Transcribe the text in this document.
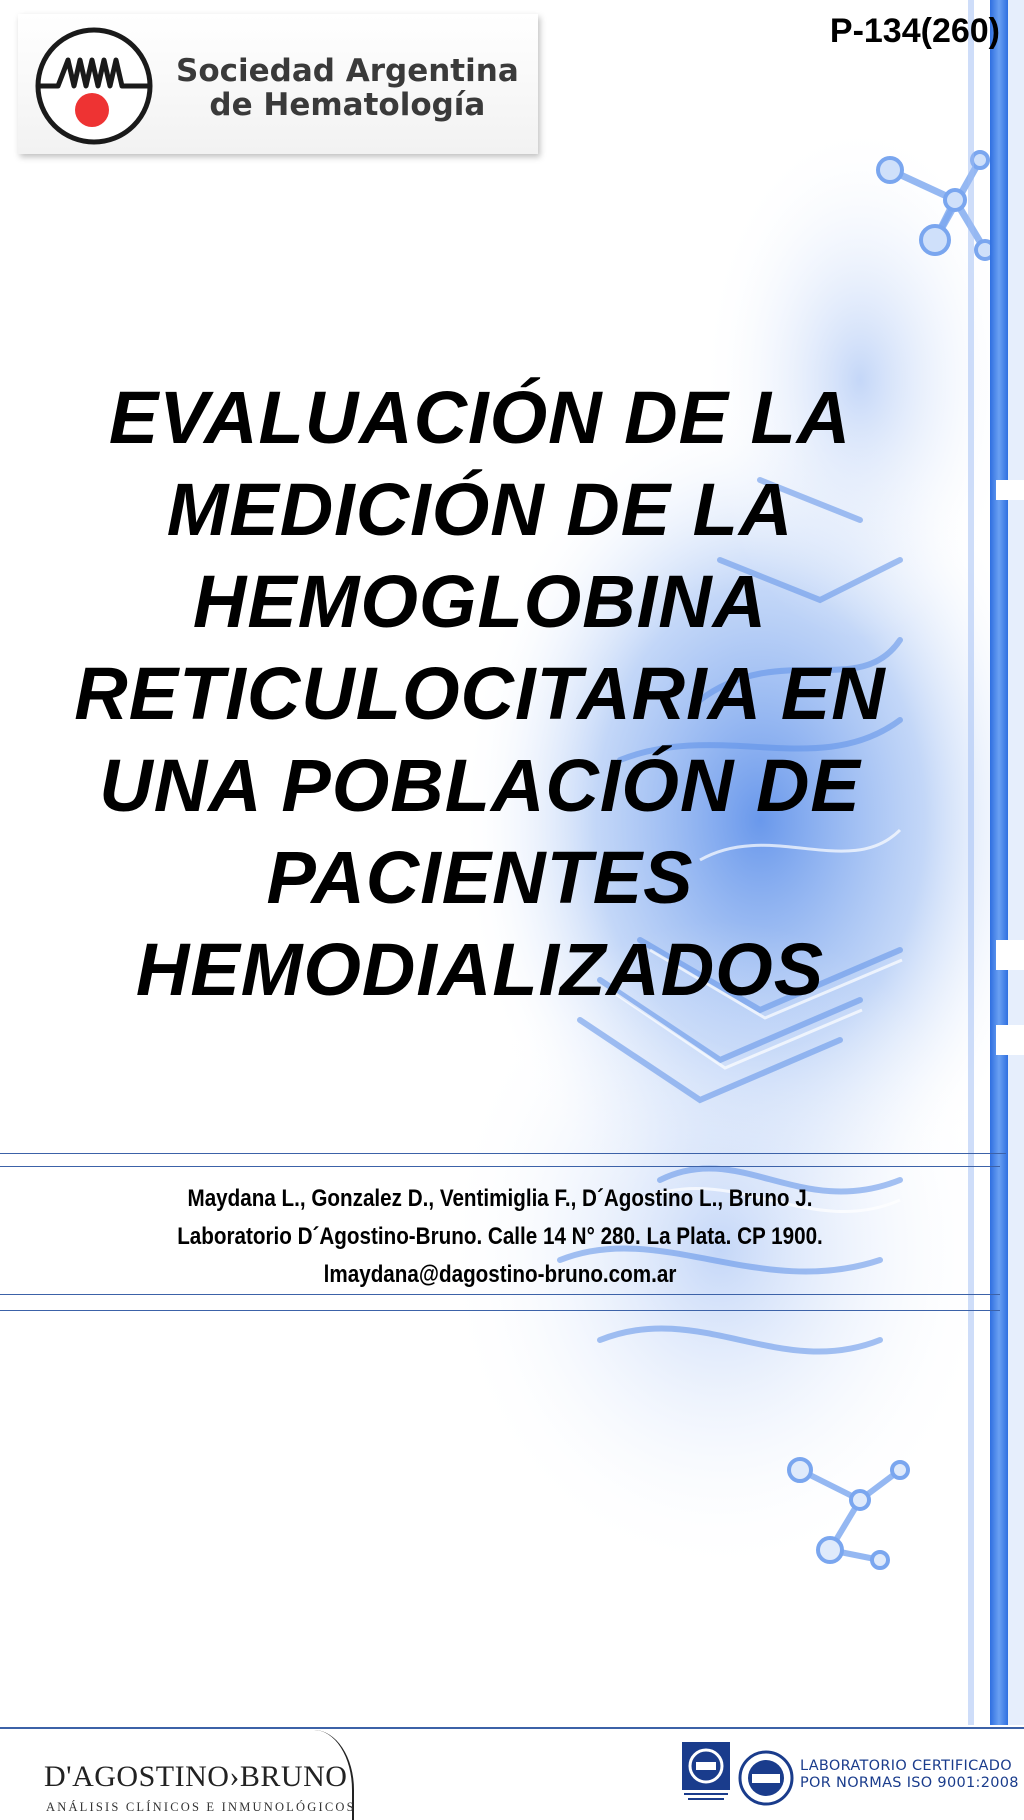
Sociedad Argentina
de Hematología
P-134(260)
EVALUACIÓN DE LA
MEDICIÓN DE LA
HEMOGLOBINA
RETICULOCITARIA EN
UNA POBLACIÓN DE
PACIENTES
HEMODIALIZADOS
Maydana L., Gonzalez D., Ventimiglia F., D´Agostino L., Bruno J.
Laboratorio D´Agostino-Bruno. Calle 14 N° 280. La Plata. CP 1900.
lmaydana@dagostino-bruno.com.ar
D'AGOSTINO›BRUNO
ANÁLISIS CLÍNICOS E INMUNOLÓGICOS
LABORATORIO CERTIFICADO
POR NORMAS ISO 9001:2008
